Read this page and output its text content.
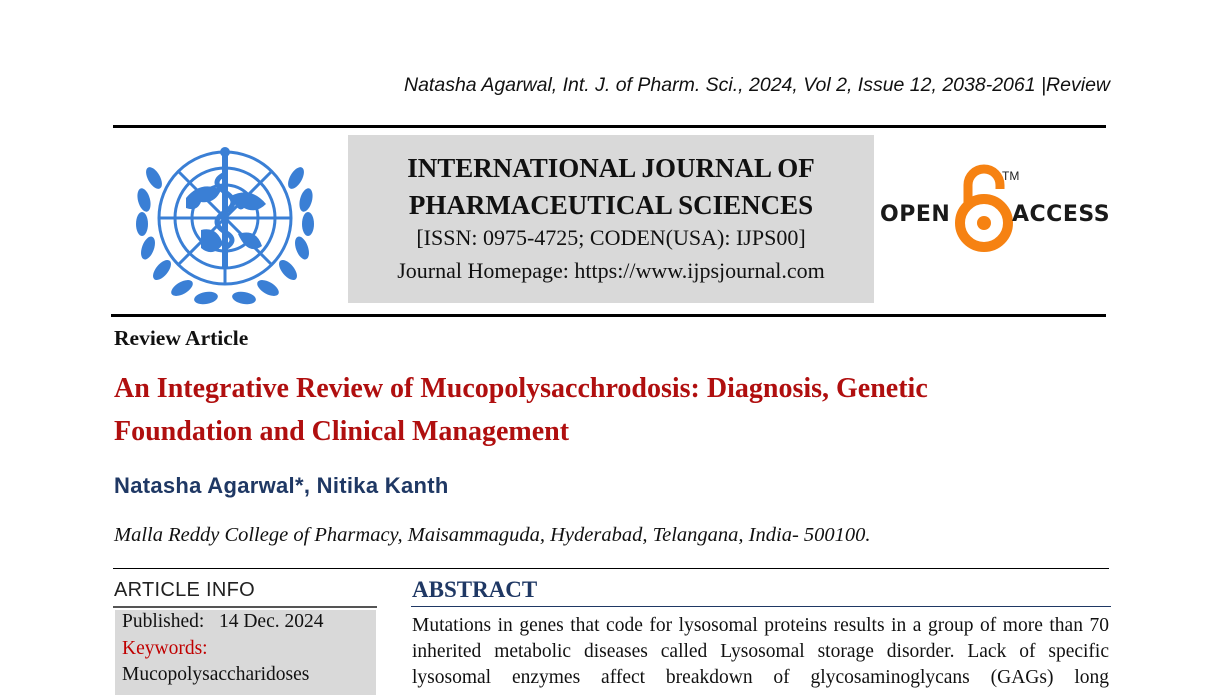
Natasha Agarwal, Int. J. of Pharm. Sci., 2024, Vol 2, Issue 12, 2038-2061 |Review
INTERNATIONAL JOURNAL OF
PHARMACEUTICAL SCIENCES
[ISSN: 0975-4725; CODEN(USA): IJPS00]
Journal Homepage: https://www.ijpsjournal.com
OPEN
TM
ACCESS
Review Article
An Integrative Review of Mucopolysacchrodosis: Diagnosis, Genetic
Foundation and Clinical Management
Natasha Agarwal*, Nitika Kanth
Malla Reddy College of Pharmacy, Maisammaguda, Hyderabad, Telangana, India- 500100.
ARTICLE INFO
Published: 14 Dec. 2024
Keywords:
Mucopolysaccharidoses
ABSTRACT
Mutations in genes that code for lysosomal proteins results in a group of more than 70
inherited metabolic diseases called Lysosomal storage disorder. Lack of specific
lysosomal enzymes affect breakdown of glycosaminoglycans (GAGs) long
